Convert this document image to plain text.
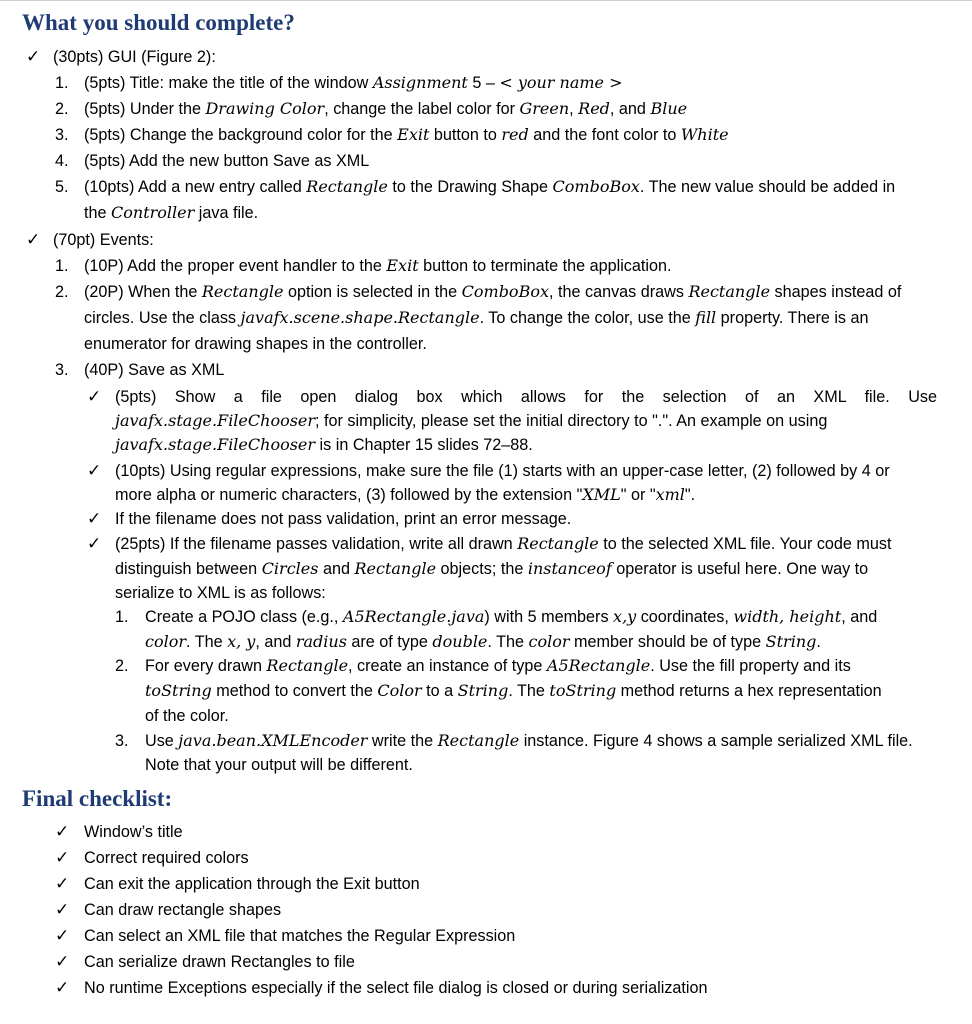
What you should complete?
✓ (30pts) GUI (Figure 2):
1. (5pts) Title: make the title of the window Assignment 5 – < your name >
2. (5pts) Under the Drawing Color, change the label color for Green, Red, and Blue
3. (5pts) Change the background color for the Exit button to red and the font color to White
4. (5pts) Add the new button Save as XML
5. (10pts) Add a new entry called Rectangle to the Drawing Shape ComboBox. The new value should be added in
the Controller java file.
✓ (70pt) Events:
1. (10P) Add the proper event handler to the Exit button to terminate the application.
2. (20P) When the Rectangle option is selected in the ComboBox, the canvas draws Rectangle shapes instead of
circles. Use the class javafx.scene.shape.Rectangle. To change the color, use the fill property. There is an
enumerator for drawing shapes in the controller.
3. (40P) Save as XML
✓ (5pts) Show a file open dialog box which allows for the selection of an XML file. Use
javafx.stage.FileChooser; for simplicity, please set the initial directory to ".". An example on using
javafx.stage.FileChooser is in Chapter 15 slides 72–88.
✓ (10pts) Using regular expressions, make sure the file (1) starts with an upper-case letter, (2) followed by 4 or
more alpha or numeric characters, (3) followed by the extension "XML" or "xml".
✓ If the filename does not pass validation, print an error message.
✓ (25pts) If the filename passes validation, write all drawn Rectangle to the selected XML file. Your code must
distinguish between Circles and Rectangle objects; the instanceof operator is useful here. One way to
serialize to XML is as follows:
1. Create a POJO class (e.g., A5Rectangle.java) with 5 members x,y coordinates, width, height, and
color. The x, y, and radius are of type double. The color member should be of type String.
2. For every drawn Rectangle, create an instance of type A5Rectangle. Use the fill property and its
toString method to convert the Color to a String. The toString method returns a hex representation
of the color.
3. Use java.bean.XMLEncoder write the Rectangle instance. Figure 4 shows a sample serialized XML file.
Note that your output will be different.
Final checklist:
✓ Window’s title
✓ Correct required colors
✓ Can exit the application through the Exit button
✓ Can draw rectangle shapes
✓ Can select an XML file that matches the Regular Expression
✓ Can serialize drawn Rectangles to file
✓ No runtime Exceptions especially if the select file dialog is closed or during serialization
